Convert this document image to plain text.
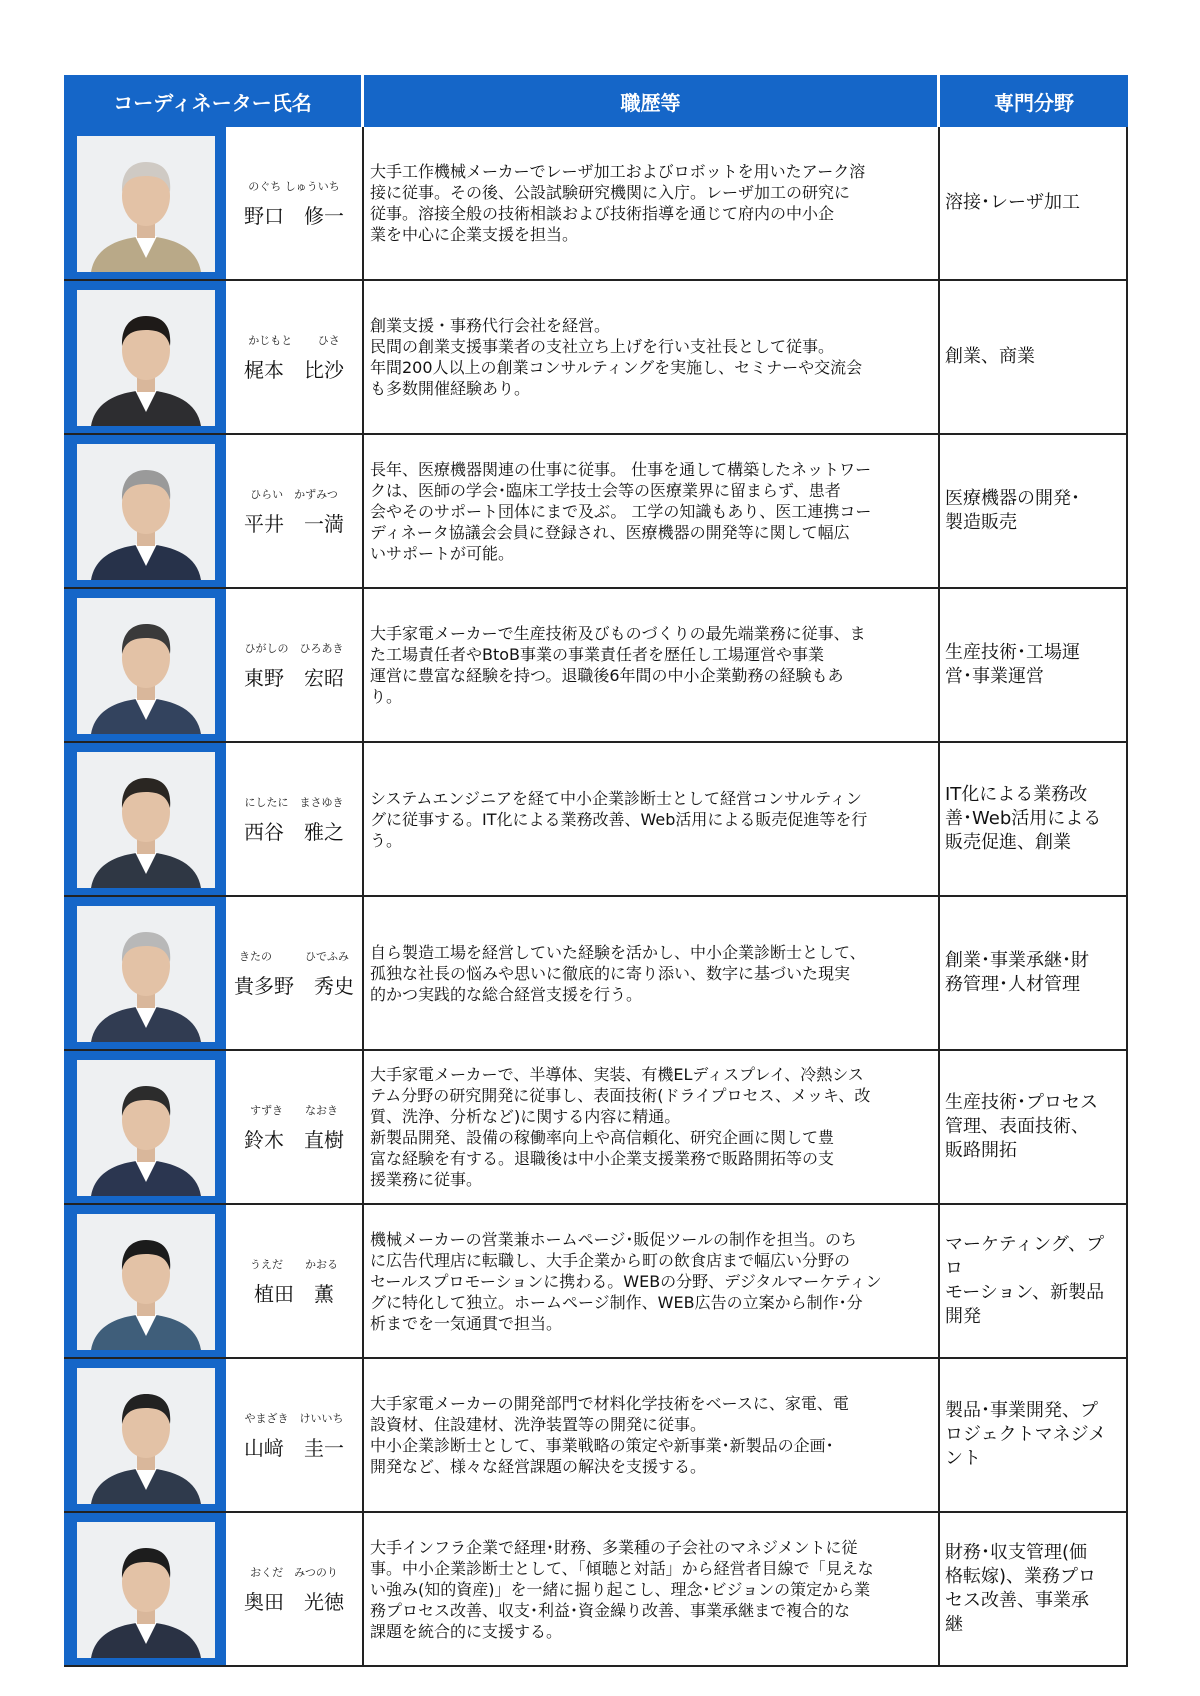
コーディネーター氏名	職歴等	専門分野
のぐち しゅういち
野口　修一
大手工作機械メーカーでレーザ加工およびロボットを用いたアーク溶
接に従事。その後、公設試験研究機関に入庁。レーザ加工の研究に
従事。溶接全般の技術相談および技術指導を通じて府内の中小企
業を中心に企業支援を担当。
溶接･レーザ加工
かじもと　　 ひさ
梶本　比沙
創業支援・事務代行会社を経営。
民間の創業支援事業者の支社立ち上げを行い支社長として従事。
年間200人以上の創業コンサルティングを実施し、セミナーや交流会
も多数開催経験あり。
創業、商業
ひらい　かずみつ
平井　一満
長年、医療機器関連の仕事に従事。 仕事を通して構築したネットワー
クは、医師の学会･臨床工学技士会等の医療業界に留まらず、患者
会やそのサポート団体にまで及ぶ。 工学の知識もあり、医工連携コー
ディネータ協議会会員に登録され、医療機器の開発等に関して幅広
いサポートが可能。
医療機器の開発･
製造販売
ひがしの　ひろあき
東野　宏昭
大手家電メーカーで生産技術及びものづくりの最先端業務に従事、ま
た工場責任者やBtoB事業の事業責任者を歴任し工場運営や事業
運営に豊富な経験を持つ。退職後6年間の中小企業勤務の経験もあ
り。
生産技術･工場運
営･事業運営
にしたに　まさゆき
西谷　雅之
システムエンジニアを経て中小企業診断士として経営コンサルティン
グに従事する。IT化による業務改善、Web活用による販売促進等を行
う。
IT化による業務改
善･Web活用による
販売促進、創業
きたの　　　ひでふみ
貴多野　秀史
自ら製造工場を経営していた経験を活かし、中小企業診断士として、
孤独な社長の悩みや思いに徹底的に寄り添い、数字に基づいた現実
的かつ実践的な総合経営支援を行う。
創業･事業承継･財
務管理･人材管理
すずき　　なおき
鈴木　直樹
大手家電メーカーで、半導体、実装、有機ELディスプレイ、冷熱シス
テム分野の研究開発に従事し、表面技術(ドライプロセス、メッキ、改
質、洗浄、分析など)に関する内容に精通。
新製品開発、設備の稼働率向上や高信頼化、研究企画に関して豊
富な経験を有する。退職後は中小企業支援業務で販路開拓等の支
援業務に従事。
生産技術･プロセス
管理、表面技術、
販路開拓
うえだ　　かおる
植田　薫
機械メーカーの営業兼ホームページ･販促ツールの制作を担当。のち
に広告代理店に転職し、大手企業から町の飲食店まで幅広い分野の
セールスプロモーションに携わる。WEBの分野、デジタルマーケティン
グに特化して独立。ホームページ制作、WEB広告の立案から制作･分
析までを一気通貫で担当。
マーケティング、プロ
モーション、新製品
開発
やまざき　けいいち
山﨑　圭一
大手家電メーカーの開発部門で材料化学技術をベースに、家電、電
設資材、住設建材、洗浄装置等の開発に従事。
中小企業診断士として、事業戦略の策定や新事業･新製品の企画･
開発など、様々な経営課題の解決を支援する。
製品･事業開発、プ
ロジェクトマネジメント
おくだ　みつのり
奥田　光徳
大手インフラ企業で経理･財務、多業種の子会社のマネジメントに従
事。中小企業診断士として、「傾聴と対話」から経営者目線で「見えな
い強み(知的資産)」を一緒に掘り起こし、理念･ビジョンの策定から業
務プロセス改善、収支･利益･資金繰り改善、事業承継まで複合的な
課題を統合的に支援する。
財務･収支管理(価
格転嫁)、業務プロ
セス改善、事業承
継
